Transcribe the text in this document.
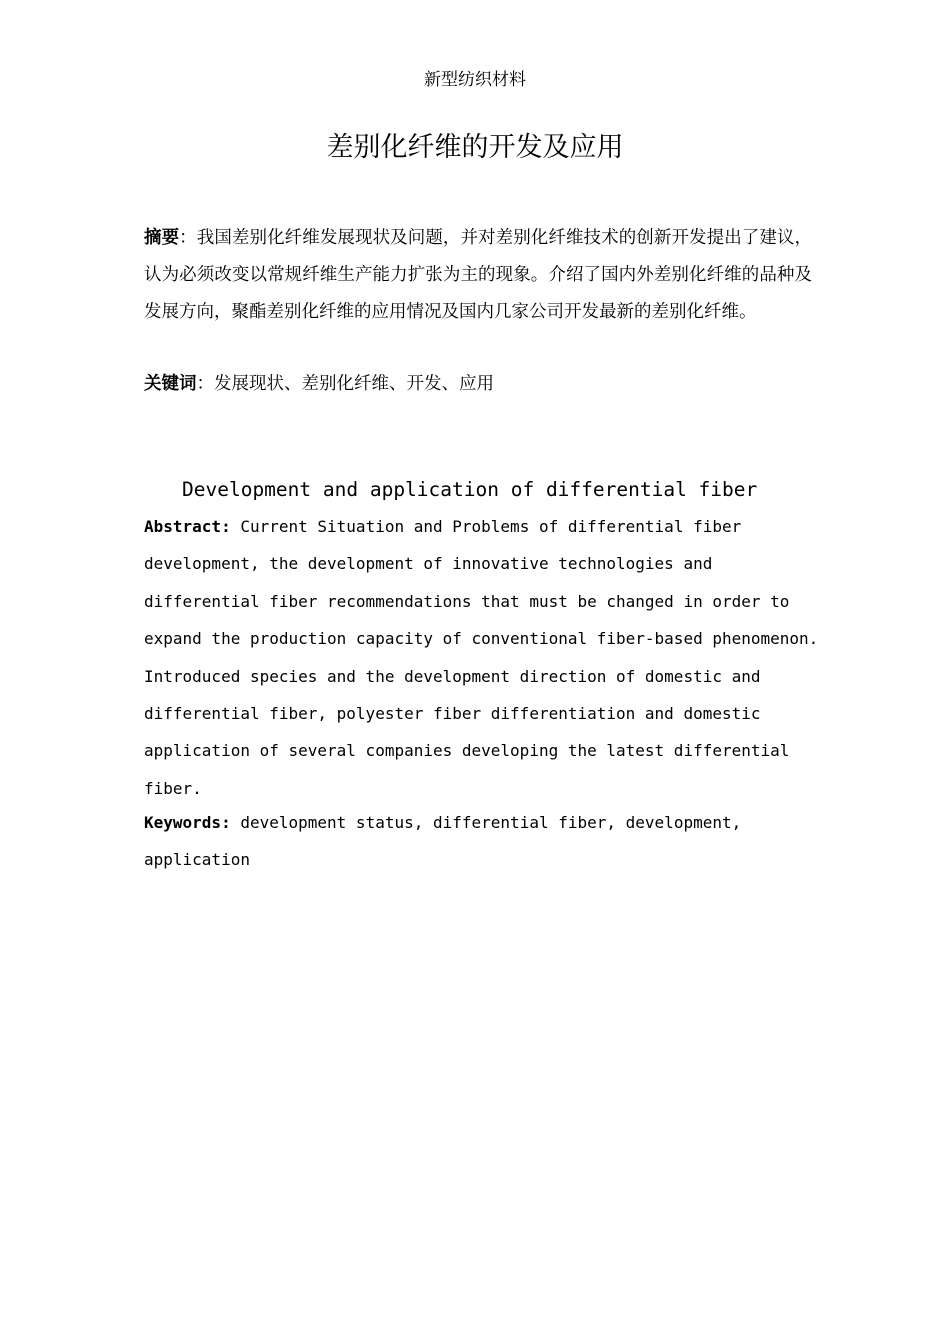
新型纺织材料
差别化纤维的开发及应用
摘要：我国差别化纤维发展现状及问题，并对差别化纤维技术的创新开发提出了建议，认为必须改变以常规纤维生产能力扩张为主的现象。介绍了国内外差别化纤维的品种及发展方向，聚酯差别化纤维的应用情况及国内几家公司开发最新的差别化纤维。
关键词：发展现状、差别化纤维、开发、应用
Development and application of differential fiber
Abstract: Current Situation and Problems of differential fiber development, the development of innovative technologies and differential fiber recommendations that must be changed in order to expand the production capacity of conventional fiber-based phenomenon. Introduced species and the development direction of domestic and differential fiber, polyester fiber differentiation and domestic application of several companies developing the latest differential fiber.
Keywords: development status, differential fiber, development, application
